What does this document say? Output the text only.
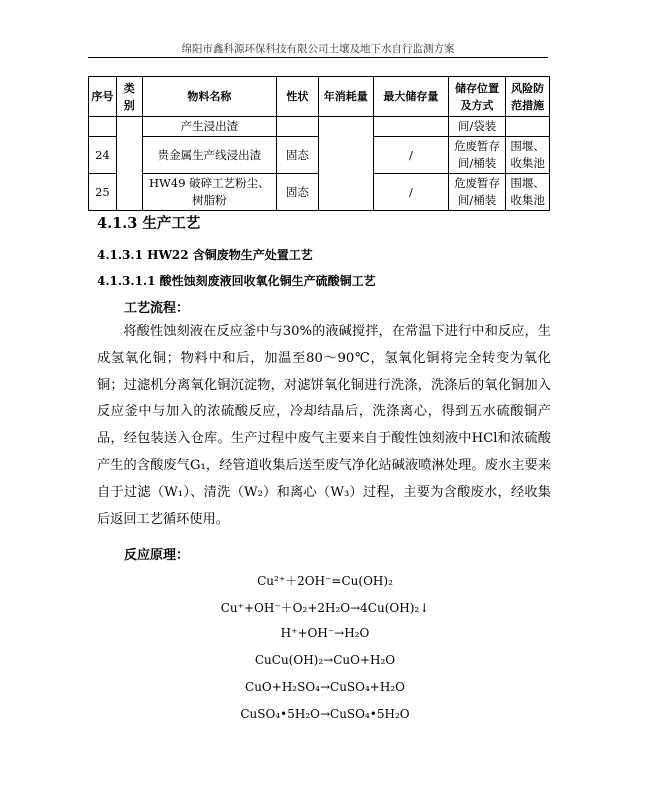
绵阳市鑫科源环保科技有限公司土壤及地下水自行监测方案
序号	类别	物料名称	性状	年消耗量	最大储存量	储存位置及方式	风险防范措施
		产生浸出渣				间/袋装	
24		贵金属生产线浸出渣	固态		/	危废暂存间/桶装	围堰、收集池
25		HW49 破碎工艺粉尘、树脂粉	固态		/	危废暂存间/桶装	围堰、收集池
4.1.3 生产工艺
4.1.3.1 HW22 含铜废物生产处置工艺
4.1.3.1.1 酸性蚀刻废液回收氧化铜生产硫酸铜工艺
工艺流程：

将酸性蚀刻液在反应釜中与30%的液碱搅拌，在常温下进行中和反应，生成氢氧化铜；物料中和后，加温至80～90℃，氢氧化铜将完全转变为氧化铜；过滤机分离氧化铜沉淀物，对滤饼氧化铜进行洗涤，洗涤后的氧化铜加入反应釜中与加入的浓硫酸反应，冷却结晶后，洗涤离心，得到五水硫酸铜产品，经包装送入仓库。生产过程中废气主要来自于酸性蚀刻液中HCl和浓硫酸产生的含酸废气G₁，经管道收集后送至废气净化站碱液喷淋处理。废水主要来自于过滤（W₁）、清洗（W₂）和离心（W₃）过程，主要为含酸废水，经收集后返回工艺循环使用。

反应原理：
Cu²⁺＋2OH⁻=Cu(OH)₂
Cu⁺+OH⁻＋O₂+2H₂O→4Cu(OH)₂↓
H⁺+OH⁻→H₂O
CuCu(OH)₂→CuO+H₂O
CuO+H₂SO₄→CuSO₄+H₂O
CuSO₄•5H₂O→CuSO₄•5H₂O
